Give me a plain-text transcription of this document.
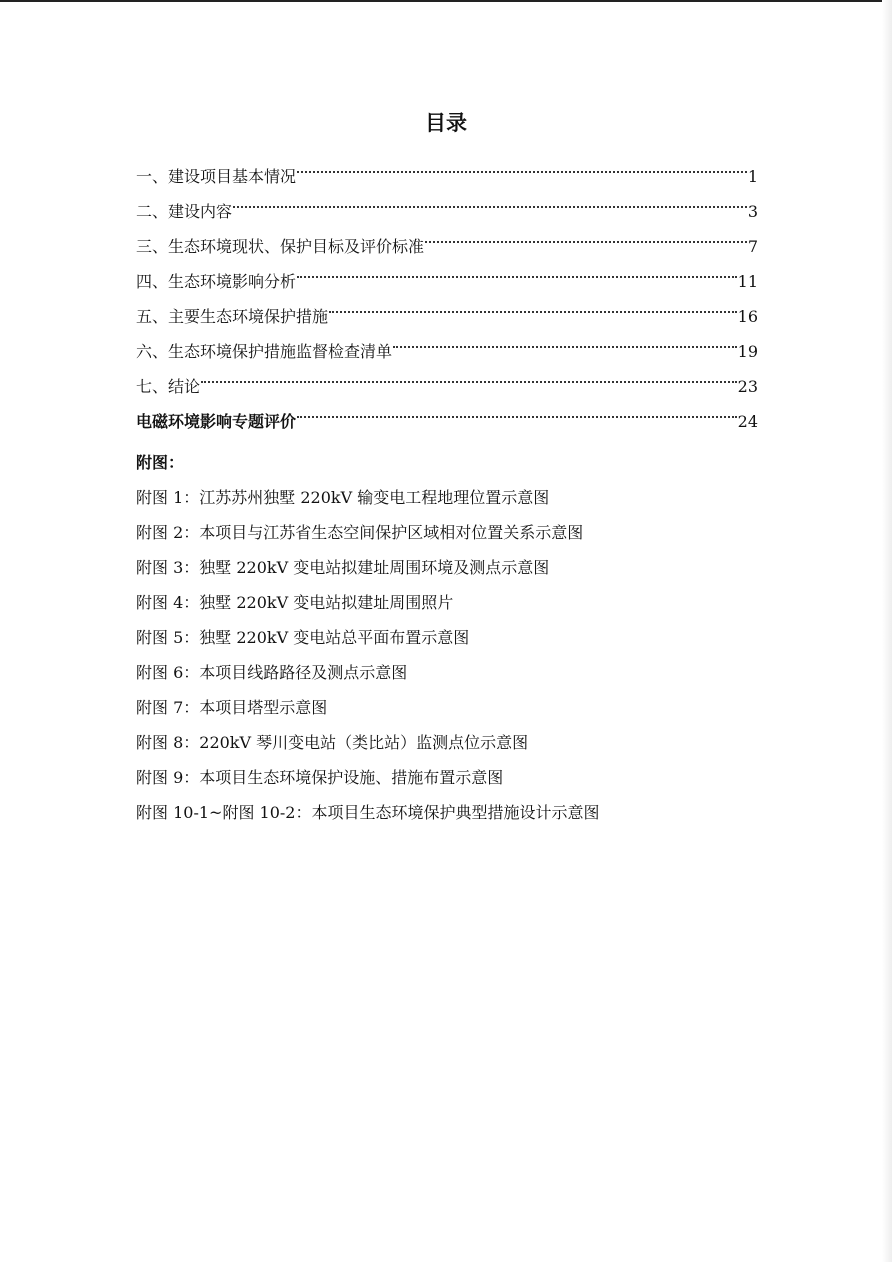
目录
一、建设项目基本情况	1
二、建设内容	3
三、生态环境现状、保护目标及评价标准	7
四、生态环境影响分析	11
五、主要生态环境保护措施	16
六、生态环境保护措施监督检查清单	19
七、结论	23
电磁环境影响专题评价	24
附图：
附图 1：江苏苏州独墅 220kV 输变电工程地理位置示意图
附图 2：本项目与江苏省生态空间保护区域相对位置关系示意图
附图 3：独墅 220kV 变电站拟建址周围环境及测点示意图
附图 4：独墅 220kV 变电站拟建址周围照片
附图 5：独墅 220kV 变电站总平面布置示意图
附图 6：本项目线路路径及测点示意图
附图 7：本项目塔型示意图
附图 8：220kV 琴川变电站（类比站）监测点位示意图
附图 9：本项目生态环境保护设施、措施布置示意图
附图 10-1~附图 10-2：本项目生态环境保护典型措施设计示意图
